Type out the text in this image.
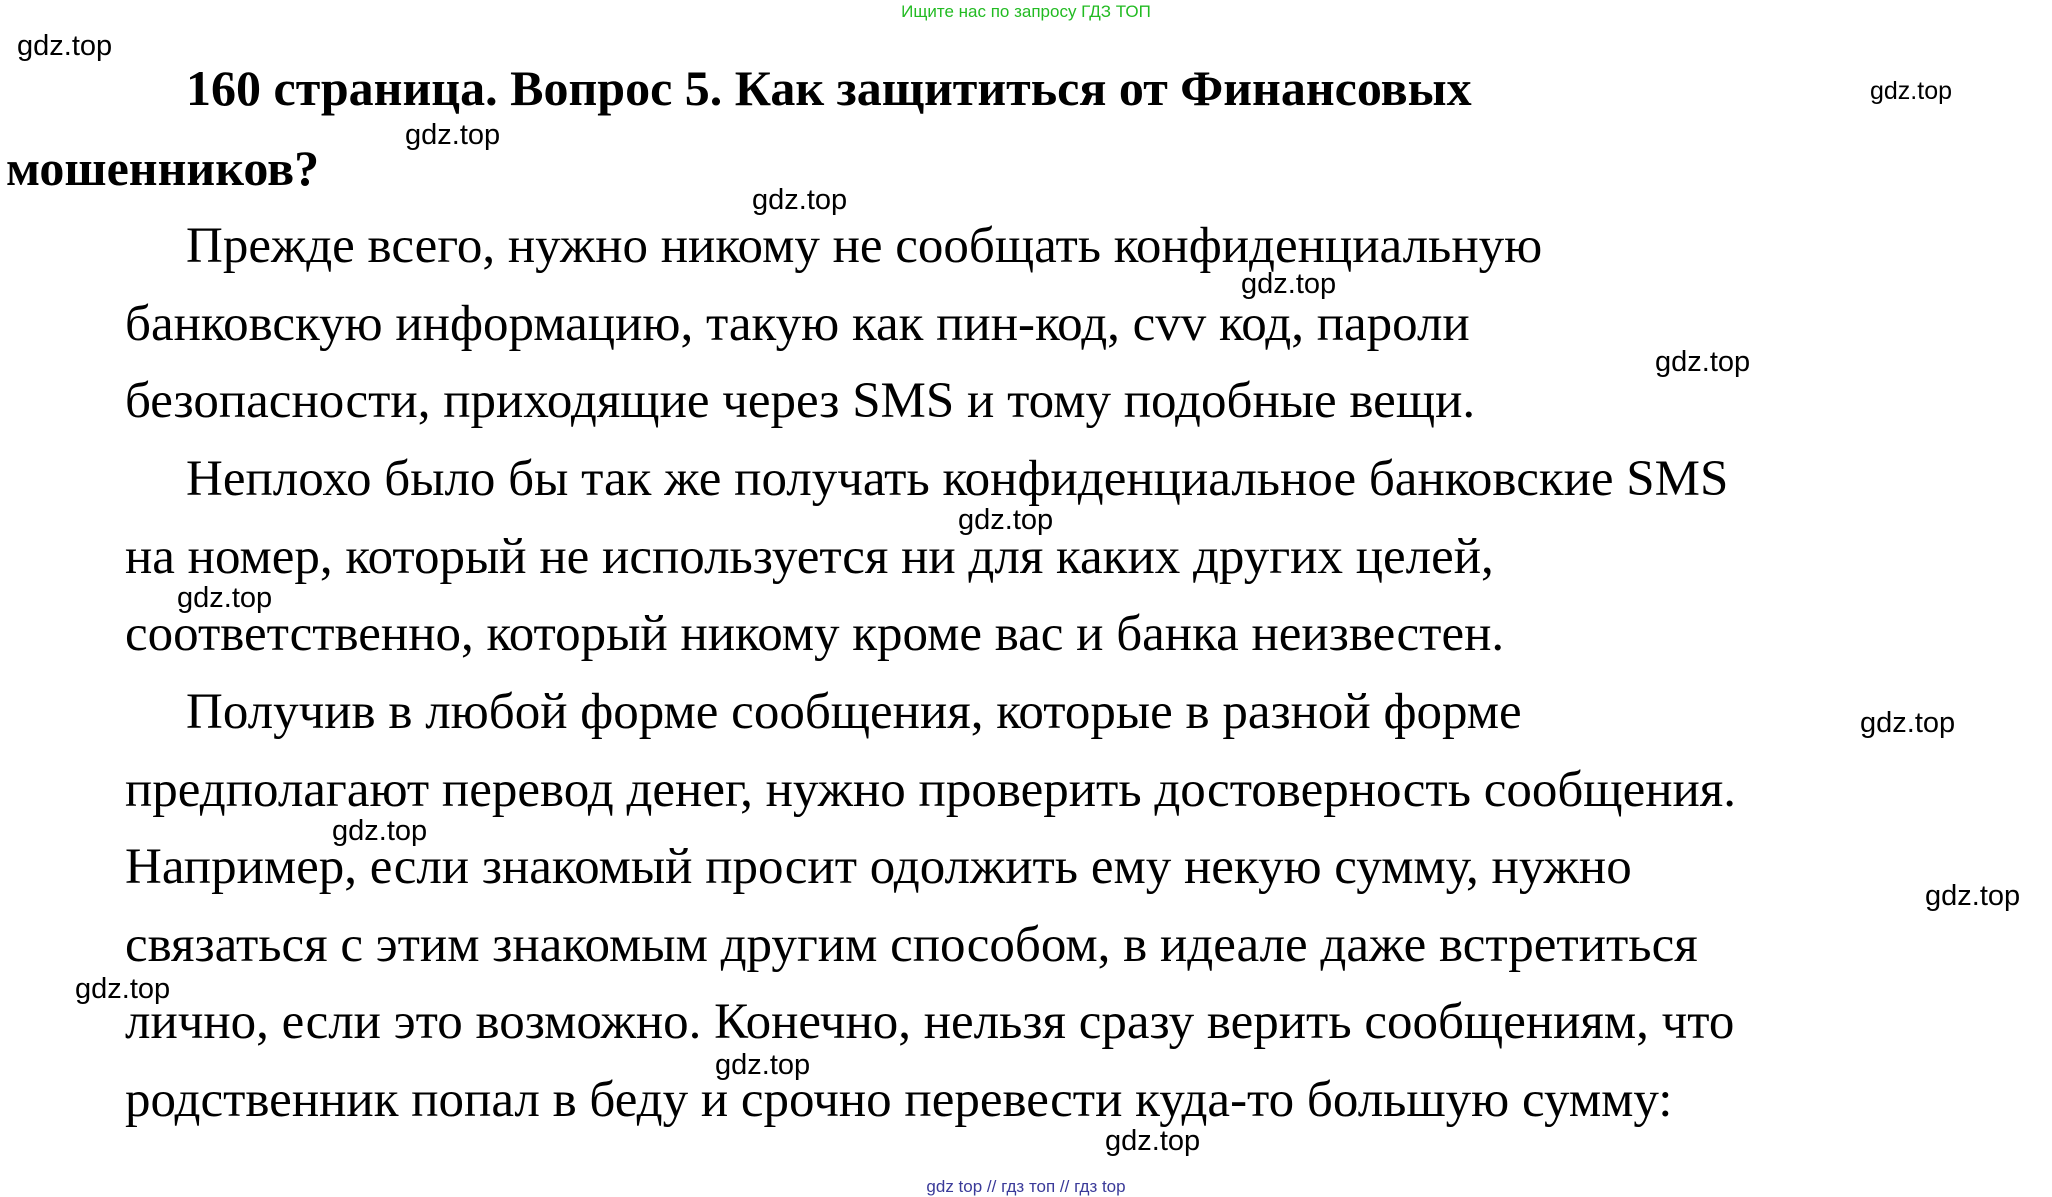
Ищите нас по запросу ГДЗ ТОП
160 страница. Вопрос 5. Как защититься от Финансовых
мошенников?
Прежде всего, нужно никому не сообщать конфиденциальную
банковскую информацию, такую как пин-код, cvv код, пароли
безопасности, приходящие через SMS и тому подобные вещи.
Неплохо было бы так же получать конфиденциальное банковские SMS
на номер, который не используется ни для каких других целей,
соответственно, который никому кроме вас и банка неизвестен.
Получив в любой форме сообщения, которые в разной форме
предполагают перевод денег, нужно проверить достоверность сообщения.
Например, если знакомый просит одолжить ему некую сумму, нужно
связаться с этим знакомым другим способом, в идеале даже встретиться
лично, если это возможно. Конечно, нельзя сразу верить сообщениям, что
родственник попал в беду и срочно перевести куда-то большую сумму:
gdz.top
gdz.top
gdz.top
gdz.top
gdz.top
gdz.top
gdz.top
gdz.top
gdz.top
gdz.top
gdz.top
gdz.top
gdz.top
gdz.top
gdz top // гдз топ // гдз top
